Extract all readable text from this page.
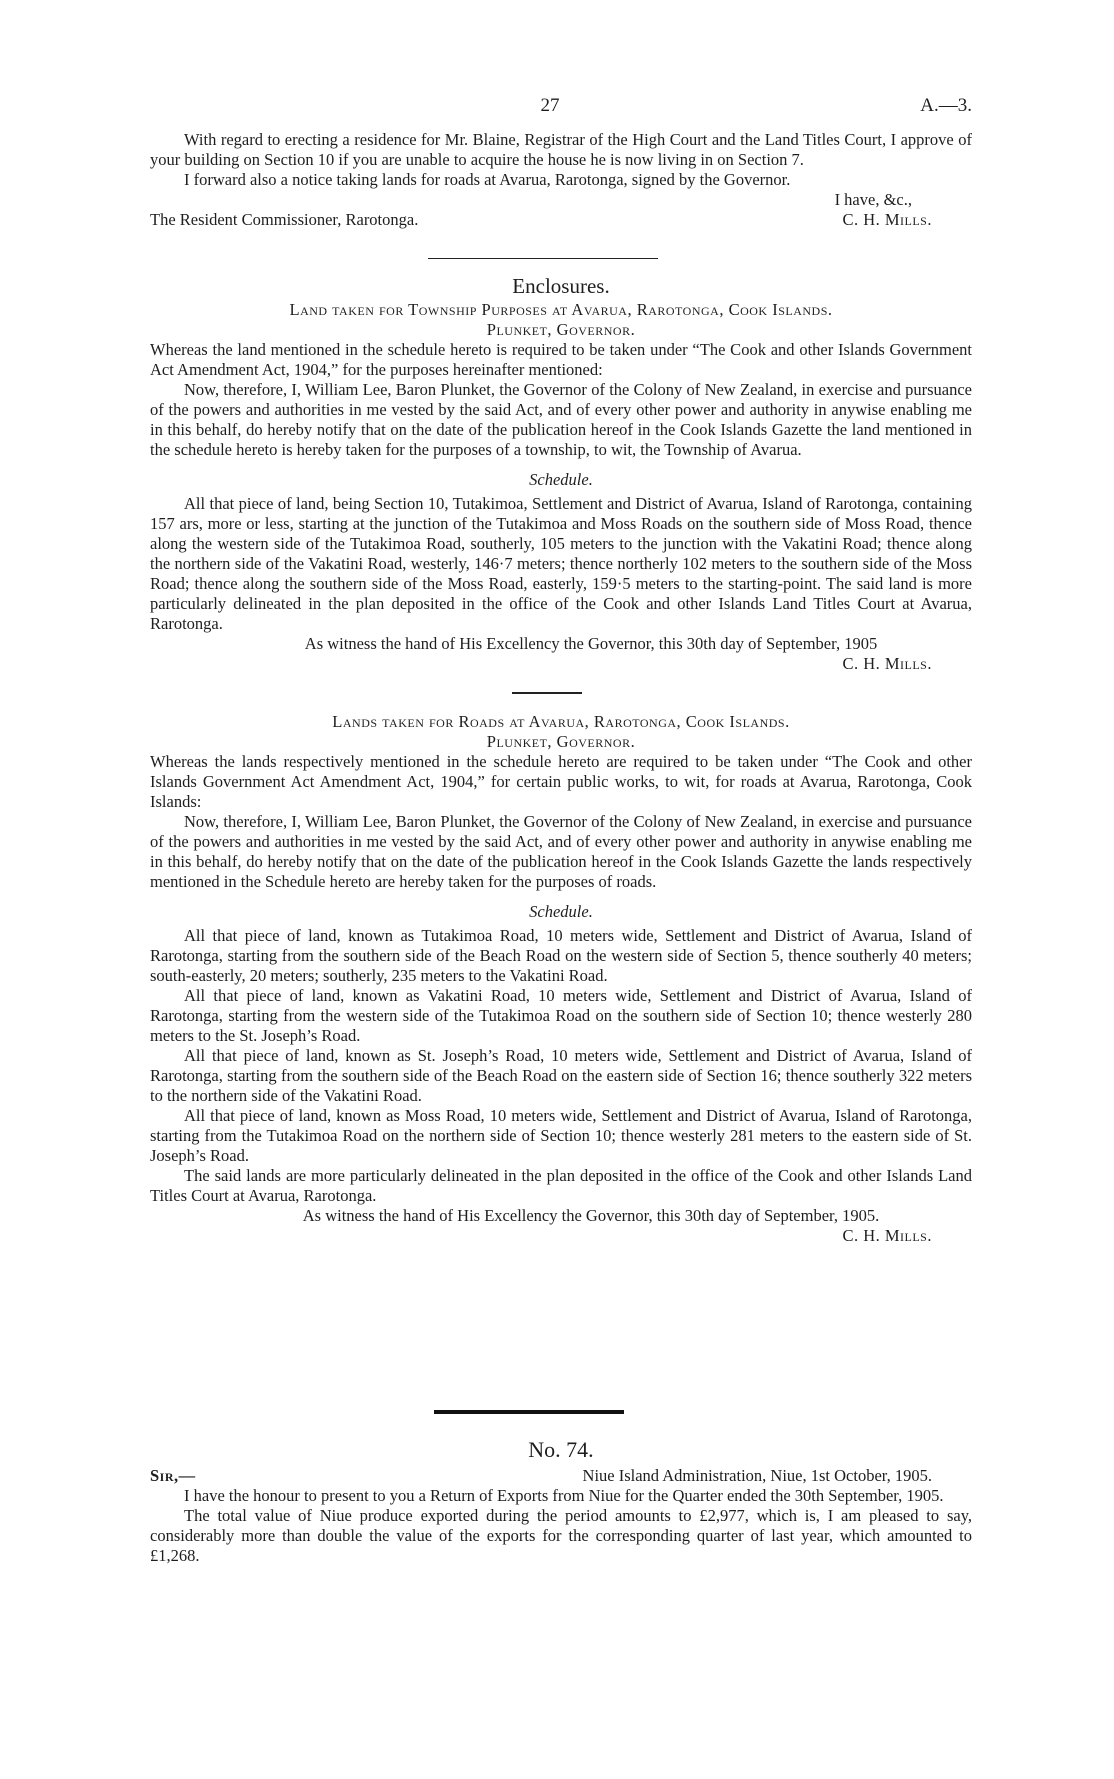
27	A.—3.

With regard to erecting a residence for Mr. Blaine, Registrar of the High Court and the Land Titles Court, I approve of your building on Section 10 if you are unable to acquire the house he is now living in on Section 7.

I forward also a notice taking lands for roads at Avarua, Rarotonga, signed by the Governor.

I have, &c.,

The Resident Commissioner, Rarotonga.	C. H. Mills.

Enclosures.

Land taken for Township Purposes at Avarua, Rarotonga, Cook Islands.

Plunket, Governor.

Whereas the land mentioned in the schedule hereto is required to be taken under “The Cook and other Islands Government Act Amendment Act, 1904,” for the purposes hereinafter mentioned:

Now, therefore, I, William Lee, Baron Plunket, the Governor of the Colony of New Zealand, in exercise and pursuance of the powers and authorities in me vested by the said Act, and of every other power and authority in anywise enabling me in this behalf, do hereby notify that on the date of the publication hereof in the Cook Islands Gazette the land mentioned in the schedule hereto is hereby taken for the purposes of a township, to wit, the Township of Avarua.

Schedule.

All that piece of land, being Section 10, Tutakimoa, Settlement and District of Avarua, Island of Rarotonga, containing 157 ars, more or less, starting at the junction of the Tutakimoa and Moss Roads on the southern side of Moss Road, thence along the western side of the Tutakimoa Road, southerly, 105 meters to the junction with the Vakatini Road; thence along the northern side of the Vakatini Road, westerly, 146·7 meters; thence northerly 102 meters to the southern side of the Moss Road; thence along the southern side of the Moss Road, easterly, 159·5 meters to the starting-point. The said land is more particularly delineated in the plan deposited in the office of the Cook and other Islands Land Titles Court at Avarua, Rarotonga.

As witness the hand of His Excellency the Governor, this 30th day of September, 1905

C. H. Mills.

Lands taken for Roads at Avarua, Rarotonga, Cook Islands.

Plunket, Governor.

Whereas the lands respectively mentioned in the schedule hereto are required to be taken under “The Cook and other Islands Government Act Amendment Act, 1904,” for certain public works, to wit, for roads at Avarua, Rarotonga, Cook Islands:

Now, therefore, I, William Lee, Baron Plunket, the Governor of the Colony of New Zealand, in exercise and pursuance of the powers and authorities in me vested by the said Act, and of every other power and authority in anywise enabling me in this behalf, do hereby notify that on the date of the publication hereof in the Cook Islands Gazette the lands respectively mentioned in the Schedule hereto are hereby taken for the purposes of roads.

Schedule.

All that piece of land, known as Tutakimoa Road, 10 meters wide, Settlement and District of Avarua, Island of Rarotonga, starting from the southern side of the Beach Road on the western side of Section 5, thence southerly 40 meters; south-easterly, 20 meters; southerly, 235 meters to the Vakatini Road.

All that piece of land, known as Vakatini Road, 10 meters wide, Settlement and District of Avarua, Island of Rarotonga, starting from the western side of the Tutakimoa Road on the southern side of Section 10; thence westerly 280 meters to the St. Joseph’s Road.

All that piece of land, known as St. Joseph’s Road, 10 meters wide, Settlement and District of Avarua, Island of Rarotonga, starting from the southern side of the Beach Road on the eastern side of Section 16; thence southerly 322 meters to the northern side of the Vakatini Road.

All that piece of land, known as Moss Road, 10 meters wide, Settlement and District of Avarua, Island of Rarotonga, starting from the Tutakimoa Road on the northern side of Section 10; thence westerly 281 meters to the eastern side of St. Joseph’s Road.

The said lands are more particularly delineated in the plan deposited in the office of the Cook and other Islands Land Titles Court at Avarua, Rarotonga.

As witness the hand of His Excellency the Governor, this 30th day of September, 1905.

C. H. Mills.

No. 74.

Sir,—	Niue Island Administration, Niue, 1st October, 1905.

I have the honour to present to you a Return of Exports from Niue for the Quarter ended the 30th September, 1905.

The total value of Niue produce exported during the period amounts to £2,977, which is, I am pleased to say, considerably more than double the value of the exports for the corresponding quarter of last year, which amounted to £1,268.
